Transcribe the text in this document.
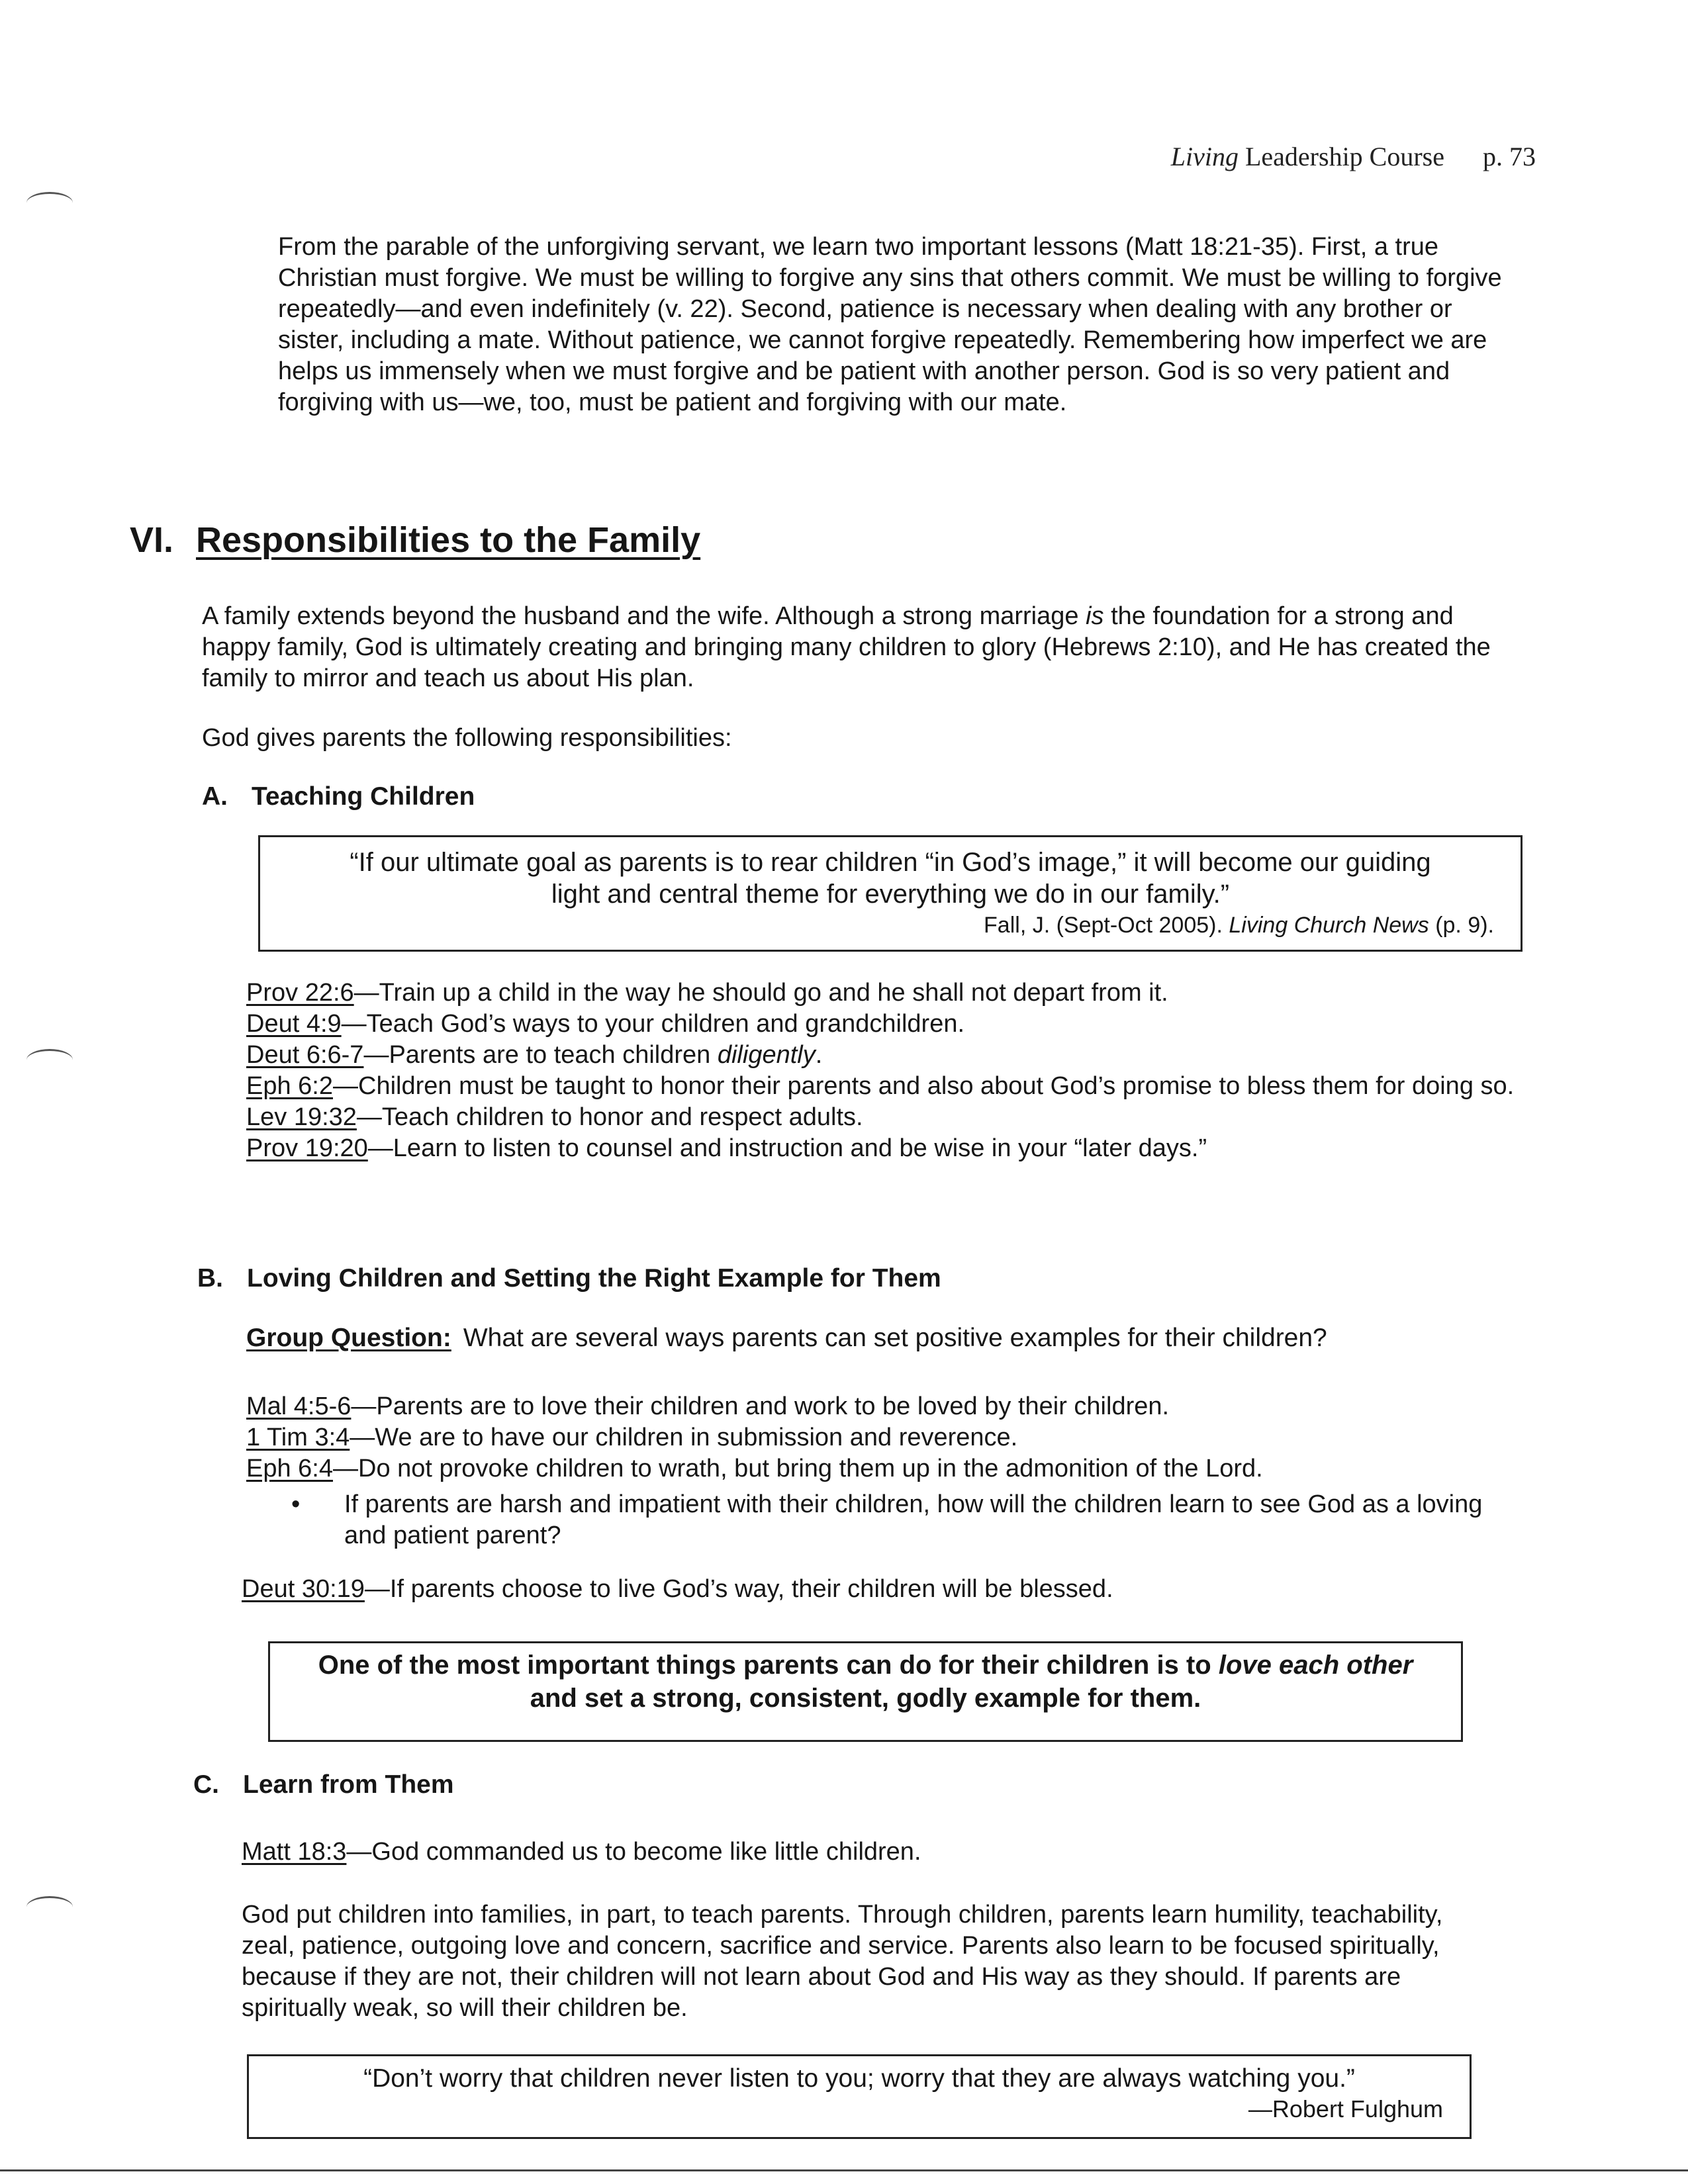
Living Leadership Course p. 73
From the parable of the unforgiving servant, we learn two important lessons (Matt 18:21-35). First, a true Christian must forgive. We must be willing to forgive any sins that others commit. We must be willing to forgive repeatedly—and even indefinitely (v. 22). Second, patience is necessary when dealing with any brother or sister, including a mate. Without patience, we cannot forgive repeatedly. Remembering how imperfect we are helps us immensely when we must forgive and be patient with another person. God is so very patient and forgiving with us—we, too, must be patient and forgiving with our mate.
VI. Responsibilities to the Family
A family extends beyond the husband and the wife. Although a strong marriage is the foundation for a strong and happy family, God is ultimately creating and bringing many children to glory (Hebrews 2:10), and He has created the family to mirror and teach us about His plan.
God gives parents the following responsibilities:
A. Teaching Children
“If our ultimate goal as parents is to rear children “in God’s image,” it will become our guiding light and central theme for everything we do in our family.”
Fall, J. (Sept-Oct 2005). Living Church News (p. 9).
Prov 22:6—Train up a child in the way he should go and he shall not depart from it.
Deut 4:9—Teach God’s ways to your children and grandchildren.
Deut 6:6-7—Parents are to teach children diligently.
Eph 6:2—Children must be taught to honor their parents and also about God’s promise to bless them for doing so.
Lev 19:32—Teach children to honor and respect adults.
Prov 19:20—Learn to listen to counsel and instruction and be wise in your “later days.”
B. Loving Children and Setting the Right Example for Them
Group Question: What are several ways parents can set positive examples for their children?
Mal 4:5-6—Parents are to love their children and work to be loved by their children.
1 Tim 3:4—We are to have our children in submission and reverence.
Eph 6:4—Do not provoke children to wrath, but bring them up in the admonition of the Lord.
•	If parents are harsh and impatient with their children, how will the children learn to see God as a loving and patient parent?
Deut 30:19—If parents choose to live God’s way, their children will be blessed.
One of the most important things parents can do for their children is to love each other and set a strong, consistent, godly example for them.
C. Learn from Them
Matt 18:3—God commanded us to become like little children.
God put children into families, in part, to teach parents. Through children, parents learn humility, teachability, zeal, patience, outgoing love and concern, sacrifice and service. Parents also learn to be focused spiritually, because if they are not, their children will not learn about God and His way as they should. If parents are spiritually weak, so will their children be.
“Don’t worry that children never listen to you; worry that they are always watching you.”
—Robert Fulghum
